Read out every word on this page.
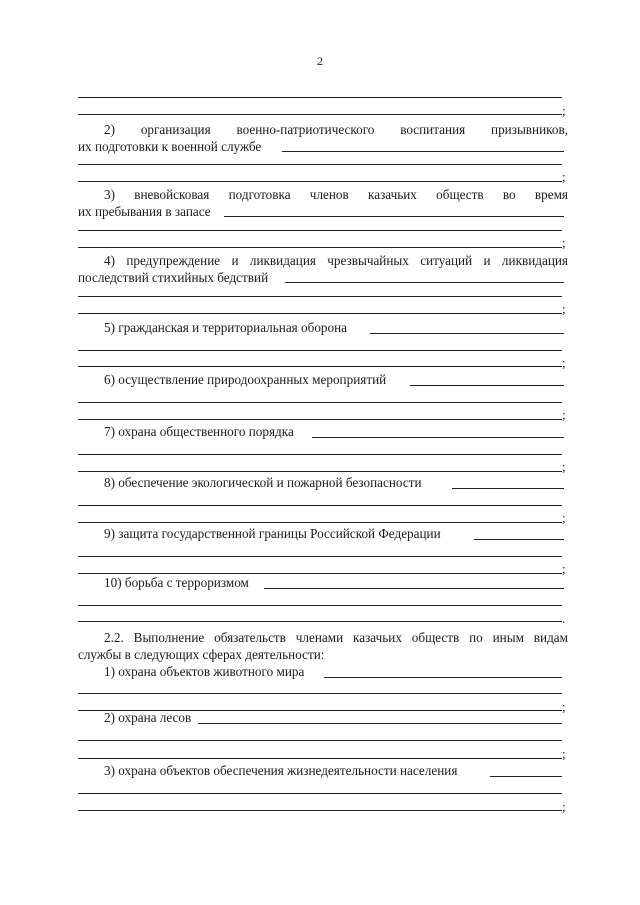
2
;
2) организация военно-патриотического воспитания призывников,
их подготовки к военной службе
;
3) вневойсковая подготовка членов казачьих обществ во время
их пребывания в запасе
;
4) предупреждение и ликвидация чрезвычайных ситуаций и ликвидация
последствий стихийных бедствий
;
5) гражданская и территориальная оборона
;
6) осуществление природоохранных мероприятий
;
7) охрана общественного порядка
;
8) обеспечение экологической и пожарной безопасности
;
9) защита государственной границы Российской Федерации
;
10) борьба с терроризмом
.
2.2. Выполнение обязательств членами казачьих обществ по иным видам
службы в следующих сферах деятельности:
1) охрана объектов животного мира
;
2) охрана лесов
;
3) охрана объектов обеспечения жизнедеятельности населения
;
